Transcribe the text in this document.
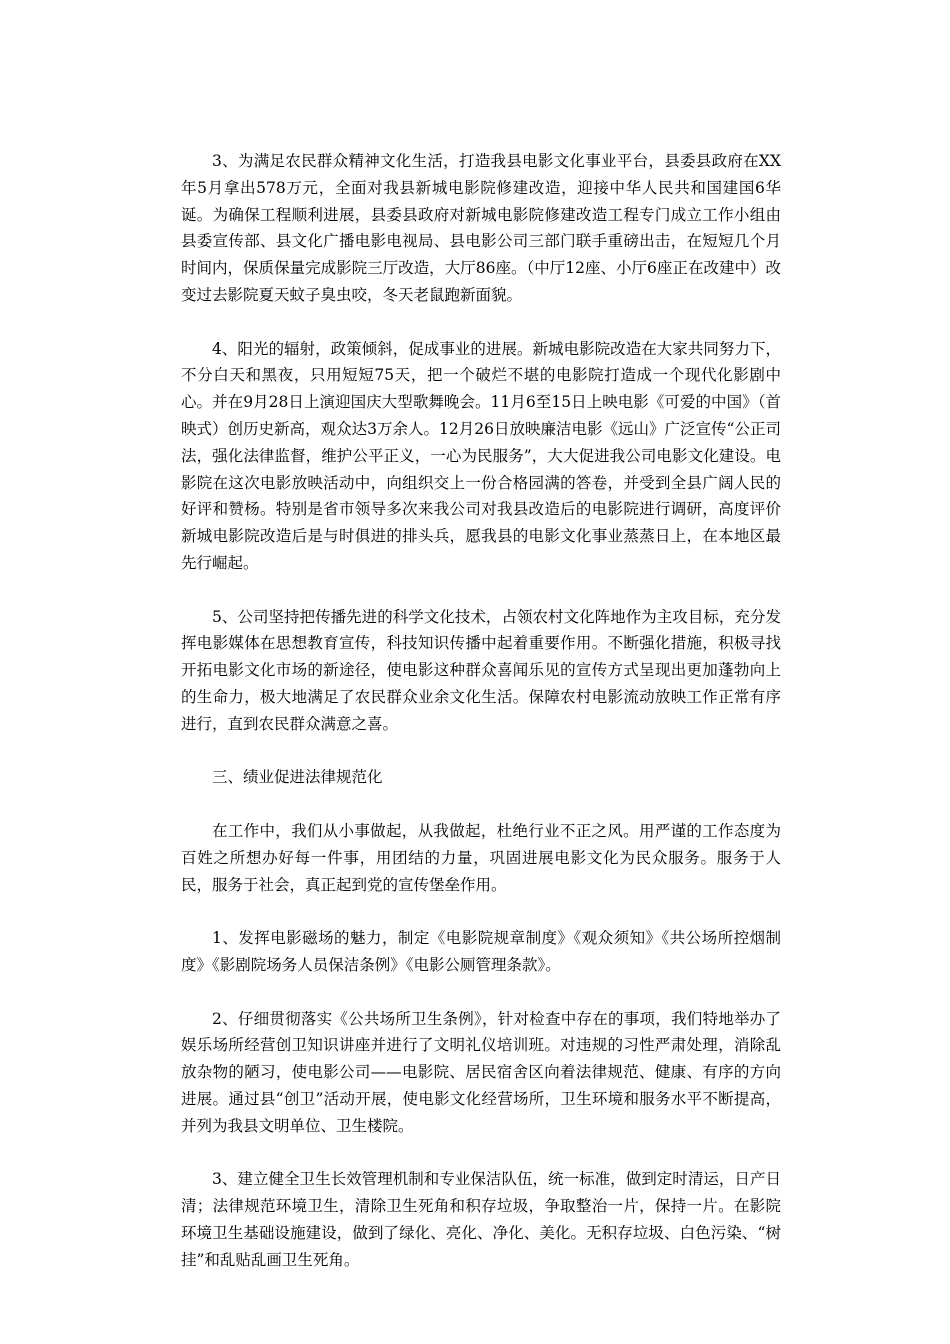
3、为满足农民群众精神文化生活，打造我县电影文化事业平台，县委县政府在XX年5月拿出578万元，全面对我县新城电影院修建改造，迎接中华人民共和国建国6华诞。为确保工程顺利进展，县委县政府对新城电影院修建改造工程专门成立工作小组由县委宣传部、县文化广播电影电视局、县电影公司三部门联手重磅出击，在短短几个月时间内，保质保量完成影院三厅改造，大厅86座。（中厅12座、小厅6座正在改建中）改变过去影院夏天蚊子臭虫咬，冬天老鼠跑新面貌。

4、阳光的辐射，政策倾斜，促成事业的进展。新城电影院改造在大家共同努力下，不分白天和黑夜，只用短短75天，把一个破烂不堪的电影院打造成一个现代化影剧中心。并在9月28日上演迎国庆大型歌舞晚会。11月6至15日上映电影《可爱的中国》（首映式）创历史新高，观众达3万余人。12月26日放映廉洁电影《远山》广泛宣传“公正司法，强化法律监督，维护公平正义，一心为民服务”，大大促进我公司电影文化建设。电影院在这次电影放映活动中，向组织交上一份合格园满的答卷，并受到全县广阔人民的好评和赞杨。特别是省市领导多次来我公司对我县改造后的电影院进行调研，高度评价新城电影院改造后是与时俱进的排头兵，愿我县的电影文化事业蒸蒸日上，在本地区最先行崛起。

5、公司坚持把传播先进的科学文化技术，占领农村文化阵地作为主攻目标，充分发挥电影媒体在思想教育宣传，科技知识传播中起着重要作用。不断强化措施，积极寻找开拓电影文化市场的新途径，使电影这种群众喜闻乐见的宣传方式呈现出更加蓬勃向上的生命力，极大地满足了农民群众业余文化生活。保障农村电影流动放映工作正常有序进行，直到农民群众满意之喜。

三、绩业促进法律规范化

在工作中，我们从小事做起，从我做起，杜绝行业不正之风。用严谨的工作态度为百姓之所想办好每一件事，用团结的力量，巩固进展电影文化为民众服务。服务于人民，服务于社会，真正起到党的宣传堡垒作用。

1、发挥电影磁场的魅力，制定《电影院规章制度》《观众须知》《共公场所控烟制度》《影剧院场务人员保洁条例》《电影公厕管理条款》。

2、仔细贯彻落实《公共场所卫生条例》，针对检查中存在的事项，我们特地举办了娱乐场所经营创卫知识讲座并进行了文明礼仪培训班。对违规的习性严肃处理，消除乱放杂物的陋习，使电影公司——电影院、居民宿舍区向着法律规范、健康、有序的方向进展。通过县“创卫”活动开展，使电影文化经营场所，卫生环境和服务水平不断提高，并列为我县文明单位、卫生楼院。

3、建立健全卫生长效管理机制和专业保洁队伍，统一标准，做到定时清运，日产日清；法律规范环境卫生，清除卫生死角和积存垃圾，争取整治一片，保持一片。在影院环境卫生基础设施建设，做到了绿化、亮化、净化、美化。无积存垃圾、白色污染、“树挂”和乱贴乱画卫生死角。
